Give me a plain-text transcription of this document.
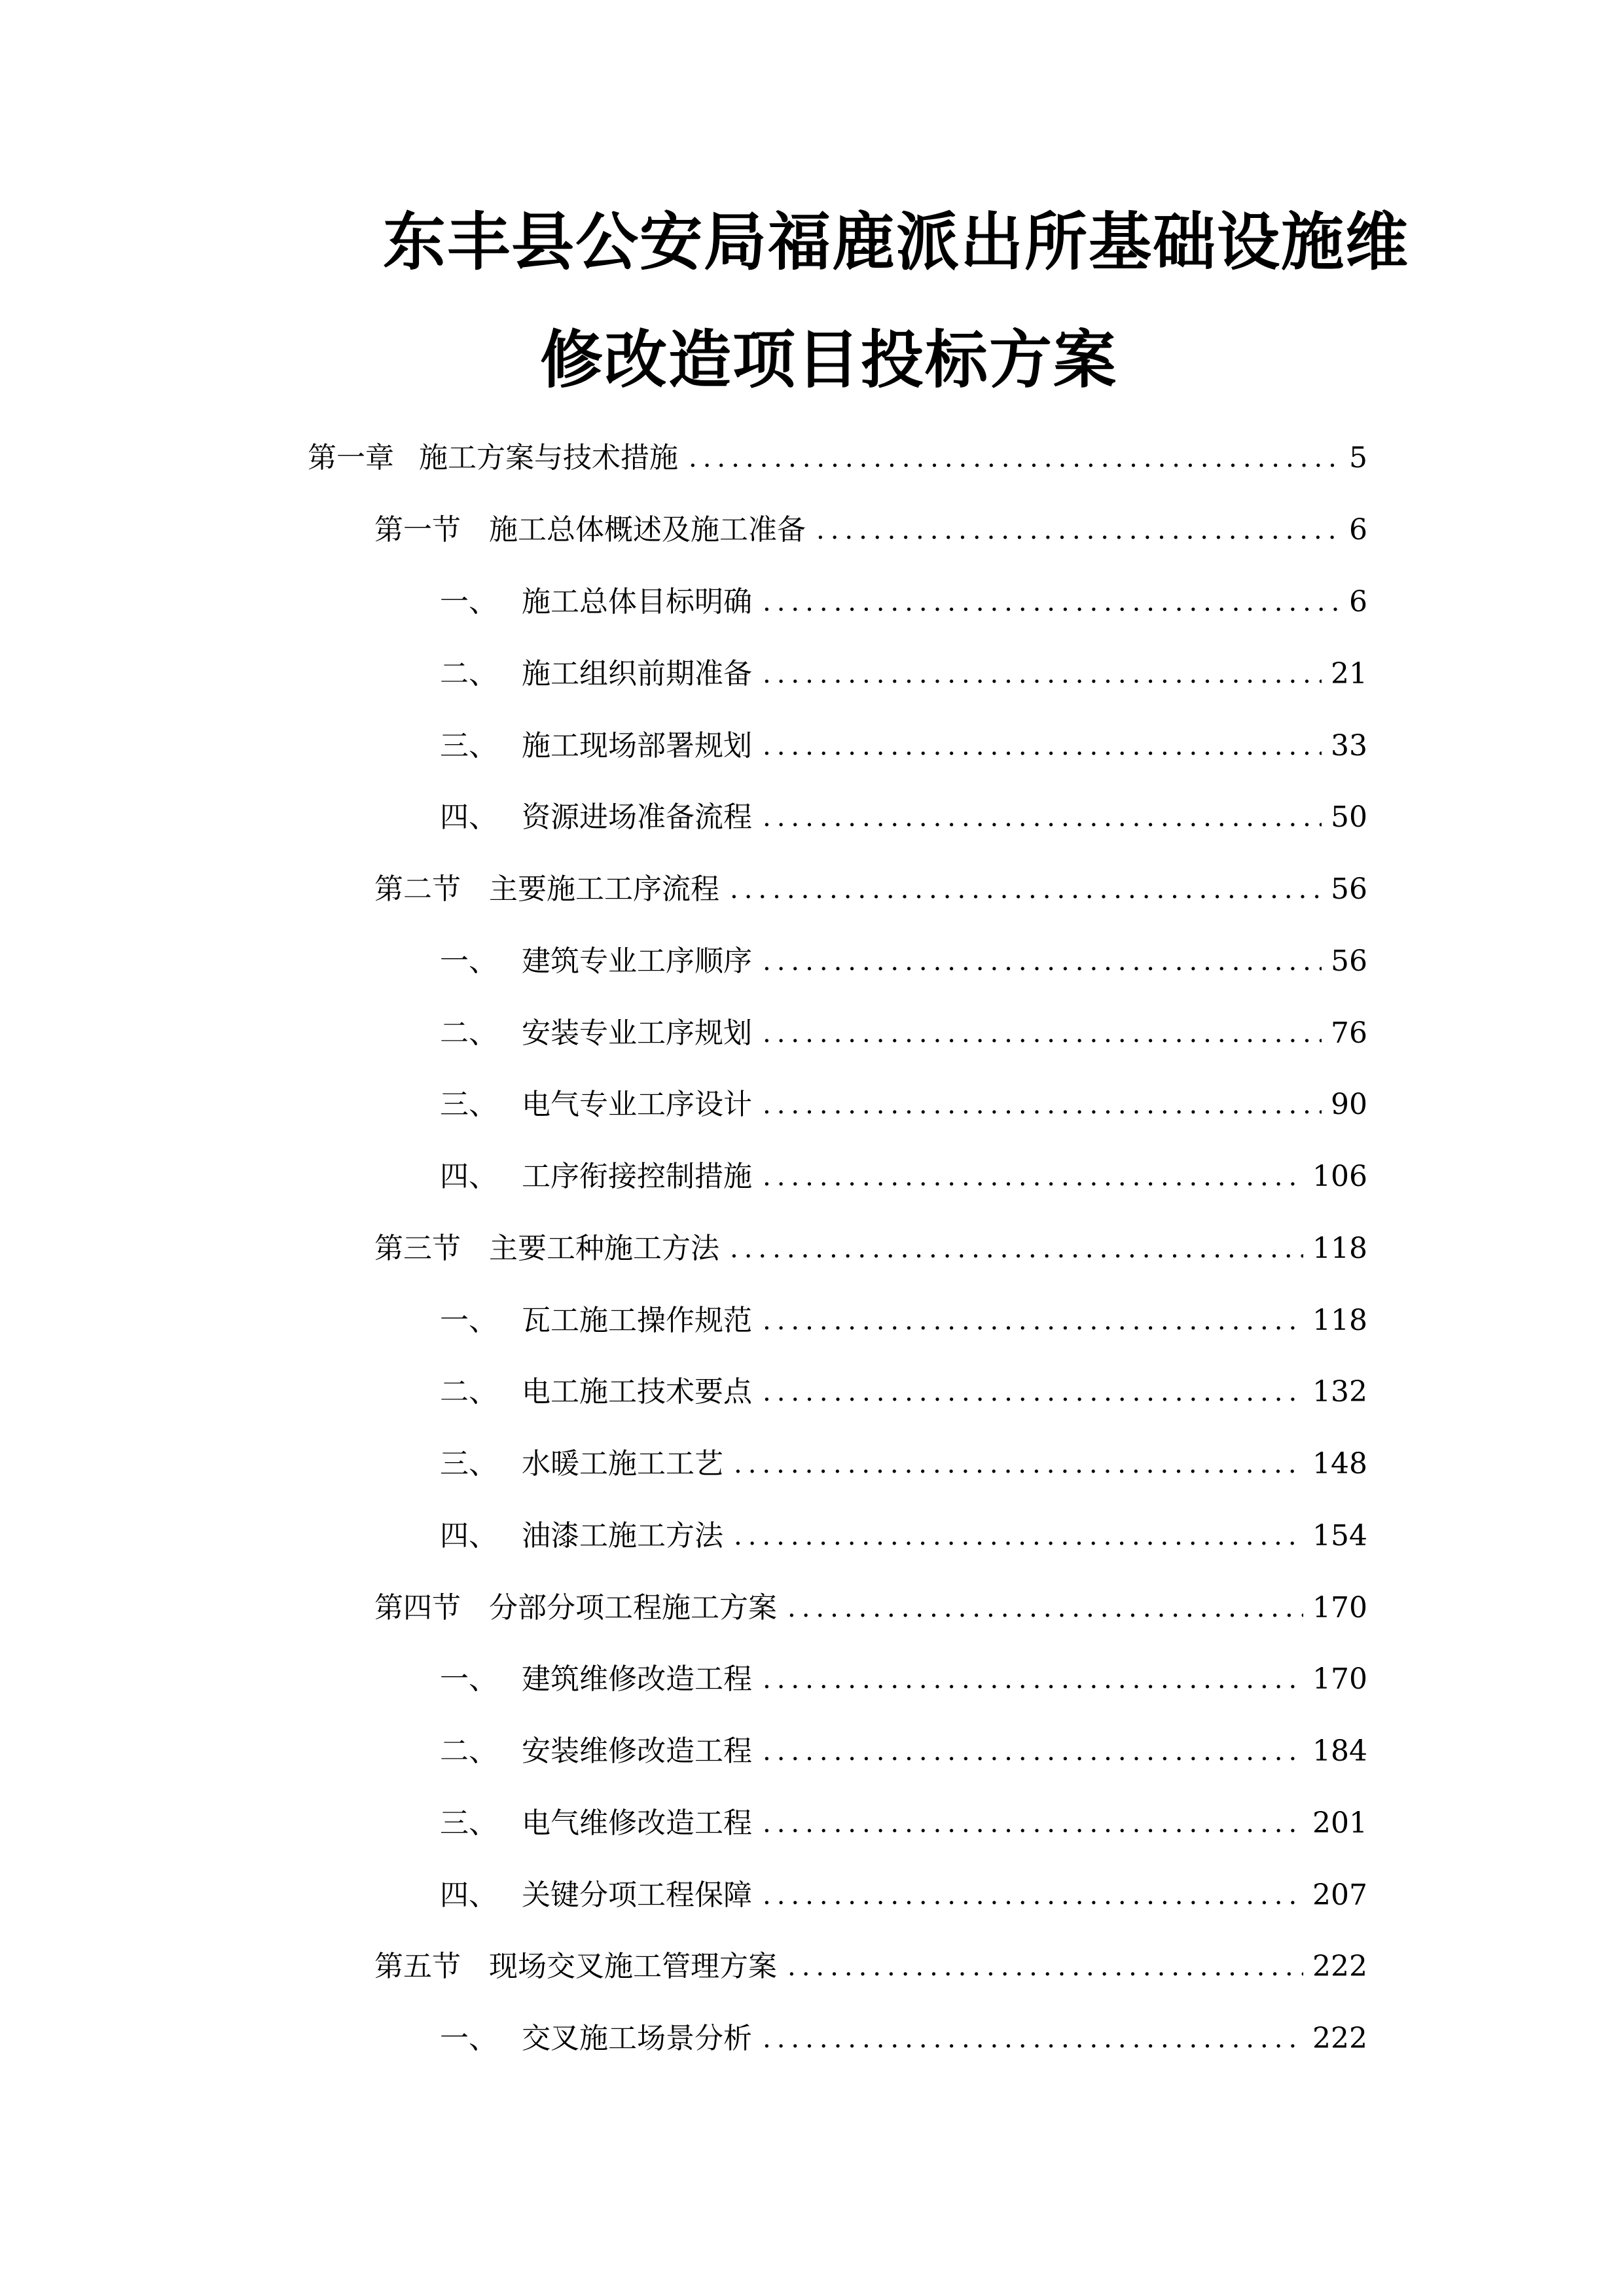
东丰县公安局福鹿派出所基础设施维
修改造项目投标方案
第一章 施工方案与技术措施 .....	5
第一节 施工总体概述及施工准备 .....	6
一、 施工总体目标明确 .....	6
二、 施工组织前期准备 .....	21
三、 施工现场部署规划 .....	33
四、 资源进场准备流程 .....	50
第二节 主要施工工序流程 .....	56
一、 建筑专业工序顺序 .....	56
二、 安装专业工序规划 .....	76
三、 电气专业工序设计 .....	90
四、 工序衔接控制措施 .....	106
第三节 主要工种施工方法 .....	118
一、 瓦工施工操作规范 .....	118
二、 电工施工技术要点 .....	132
三、 水暖工施工工艺 .....	148
四、 油漆工施工方法 .....	154
第四节 分部分项工程施工方案 .....	170
一、 建筑维修改造工程 .....	170
二、 安装维修改造工程 .....	184
三、 电气维修改造工程 .....	201
四、 关键分项工程保障 .....	207
第五节 现场交叉施工管理方案 .....	222
一、 交叉施工场景分析 .....	222
